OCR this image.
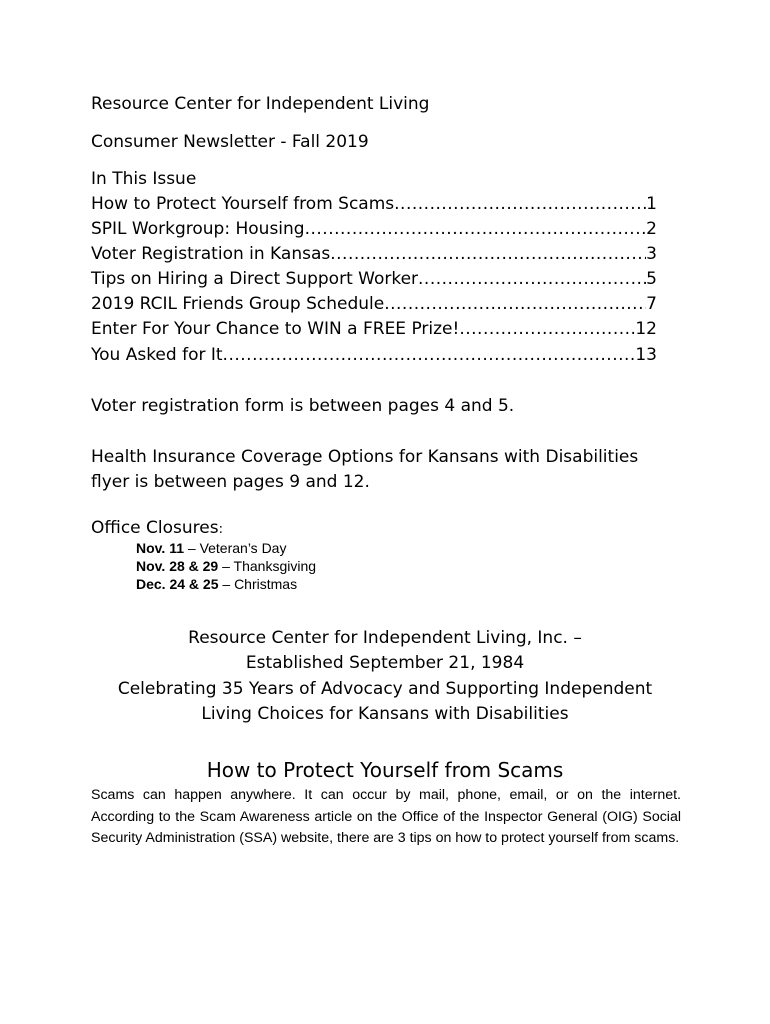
Resource Center for Independent Living
Consumer Newsletter - Fall 2019
In This Issue
How to Protect Yourself from Scams .....	1
SPIL Workgroup: Housing .....	2
Voter Registration in Kansas .....	3
Tips on Hiring a Direct Support Worker .....	5
2019 RCIL Friends Group Schedule .....	7
Enter For Your Chance to WIN a FREE Prize! .....	12
You Asked for It .....	13
Voter registration form is between pages 4 and 5.
Health Insurance Coverage Options for Kansans with Disabilities
flyer is between pages 9 and 12.
Office Closures:
Nov. 11 – Veteran’s Day
Nov. 28 & 29 – Thanksgiving
Dec. 24 & 25 – Christmas
Resource Center for Independent Living, Inc. –
Established September 21, 1984
Celebrating 35 Years of Advocacy and Supporting Independent
Living Choices for Kansans with Disabilities
How to Protect Yourself from Scams
Scams can happen anywhere. It can occur by mail, phone, email, or on the internet. According to the Scam Awareness article on the Office of the Inspector General (OIG) Social Security Administration (SSA) website, there are 3 tips on how to protect yourself from scams.
